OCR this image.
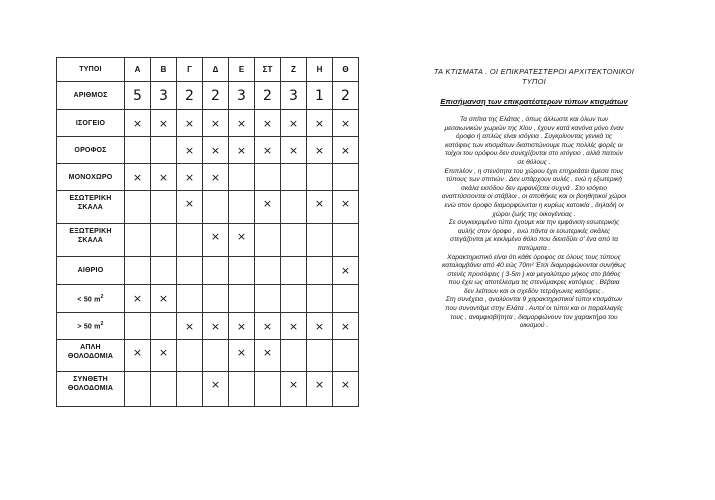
ΤΥΠΟΙ	Α	Β	Γ	Δ	Ε	ΣΤ	Ζ	Η	Θ
ΑΡΙΘΜΟΣ	5	3	2	2	3	2	3	1	2
ΙΣΟΓΕΙΟ	×	×	×	×	×	×	×	×	×
ΟΡΟΦΟΣ			×	×	×	×	×	×	×
ΜΟΝΟΧΩΡΟ	×	×	×	×					
ΕΣΩΤΕΡΙΚΗ
ΣΚΑΛΑ			×			×		×	×
ΕΞΩΤΕΡΙΚΗ
ΣΚΑΛΑ				×	×				
ΑΙΘΡΙΟ									×
< 50 $m^2$	×	×							
> 50 $m^2$			×	×	×	×	×	×	×
ΑΠΛΗ
ΘΟΛΟΔΟΜΙΑ	×	×			×	×			
ΣΥΝΘΕΤΗ
ΘΟΛΟΔΟΜΙΑ				×			×	×	×

ΤΑ ΚΤΙΣΜΑΤΑ . ΟΙ ΕΠΙΚΡΑΤΕΣΤΕΡΟΙ ΑΡΧΙΤΕΚΤΟΝΙΚΟΙ
ΤΥΠΟΙ

Επισήμανση των επικρατέστερων τύπων κτισμάτων

Τα σπίτια της Ελάτας , όπως άλλωστε και όλων των

μεσαιωνικών χωριών της Χίου , έχουν κατά κανόνα μόνο έναν

όροφο ή απλώς είναι ισόγεια . Συγκρίνοντας γενικά τις

κατόψεις των κτισμάτων διαπιστώνουμε πως πολλές φορές οι

τοίχοι του ορόφου δεν συνεχίζονται στο ισόγειο , αλλά πατούν

σε θόλους .

Επιπλέον , η στενότητα του χώρου έχει επηρεάσει άμεσα τους

τύπους των σπιτιών . Δεν υπάρχουν αυλές , ενώ η εξωτερική

σκάλα εισόδου δεν εμφανίζεται συχνά . Στο ισόγειο

αναπτύσσονται οι στάβλοι , οι αποθήκες και οι βοηθητικοί χώροι

ενώ στον όροφο διαμορφώνεται η κυρίως κατοικία , δηλαδή οι

χώροι ζωής της οικογένειας .

Σε συγκεκριμένο τύπο έχουμε και την εμφάνιση εσωτερικής

αυλής στον όροφο , ενώ πάντα οι εσωτερικές σκάλες

στεγάζονται με κεκλιμένο θόλο που διεισδύει σ' ένα από τα

πατώματα .

Χαρακτηριστικό είναι ότι κάθε όροφος σε όλους τους τύπους

καταλαμβάνει από 40 εώς 70m² Έτσι διαμορφώνονται συνήθως

στενές προσόψεις ( 3-5m ) και μεγαλύτερο μήκος στο βάθος

που έχει ως αποτέλεσμα τις στενόμακρες κατόψεις . Βέβαια

δεν λείπουν και οι σχεδόν τετράγωνες κατόψεις .

Στη συνέχεια , αναλύονται 9 χαρακτηριστικοί τύποι κτισμάτων

που συναντάμε στην Ελάτα . Αυτοί οι τύποι και οι παραλλαγές

τους , αναμφισβήτητα , διαμορφώνουν τον χαρακτήρα του

οικισμού .
